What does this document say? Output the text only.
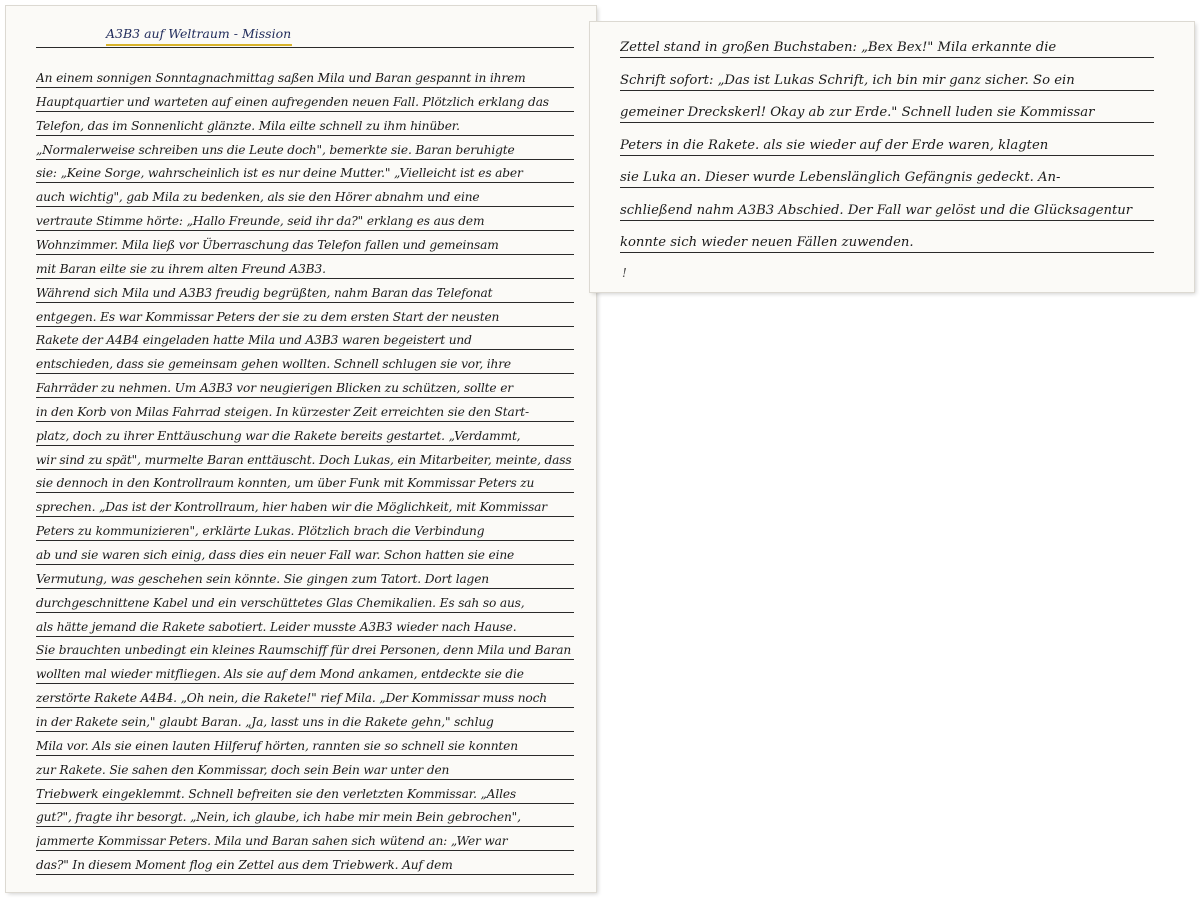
A3B3 auf Weltraum - Mission
An einem sonnigen Sonntagnachmittag saßen Mila und Baran gespannt in ihrem
Hauptquartier und warteten auf einen aufregenden neuen Fall. Plötzlich erklang das
Telefon, das im Sonnenlicht glänzte. Mila eilte schnell zu ihm hinüber.
„Normalerweise schreiben uns die Leute doch", bemerkte sie. Baran beruhigte
sie: „Keine Sorge, wahrscheinlich ist es nur deine Mutter." „Vielleicht ist es aber
auch wichtig", gab Mila zu bedenken, als sie den Hörer abnahm und eine
vertraute Stimme hörte: „Hallo Freunde, seid ihr da?" erklang es aus dem
Wohnzimmer. Mila ließ vor Überraschung das Telefon fallen und gemeinsam
mit Baran eilte sie zu ihrem alten Freund A3B3.
Während sich Mila und A3B3 freudig begrüßten, nahm Baran das Telefonat
entgegen. Es war Kommissar Peters der sie zu dem ersten Start der neusten
Rakete der A4B4 eingeladen hatte Mila und A3B3 waren begeistert und
entschieden, dass sie gemeinsam gehen wollten. Schnell schlugen sie vor, ihre
Fahrräder zu nehmen. Um A3B3 vor neugierigen Blicken zu schützen, sollte er
in den Korb von Milas Fahrrad steigen. In kürzester Zeit erreichten sie den Start-
platz, doch zu ihrer Enttäuschung war die Rakete bereits gestartet. „Verdammt,
wir sind zu spät", murmelte Baran enttäuscht. Doch Lukas, ein Mitarbeiter, meinte, dass
sie dennoch in den Kontrollraum konnten, um über Funk mit Kommissar Peters zu
sprechen. „Das ist der Kontrollraum, hier haben wir die Möglichkeit, mit Kommissar
Peters zu kommunizieren", erklärte Lukas. Plötzlich brach die Verbindung
ab und sie waren sich einig, dass dies ein neuer Fall war. Schon hatten sie eine
Vermutung, was geschehen sein könnte. Sie gingen zum Tatort. Dort lagen
durchgeschnittene Kabel und ein verschüttetes Glas Chemikalien. Es sah so aus,
als hätte jemand die Rakete sabotiert. Leider musste A3B3 wieder nach Hause.
Sie brauchten unbedingt ein kleines Raumschiff für drei Personen, denn Mila und Baran
wollten mal wieder mitfliegen. Als sie auf dem Mond ankamen, entdeckte sie die
zerstörte Rakete A4B4. „Oh nein, die Rakete!" rief Mila. „Der Kommissar muss noch
in der Rakete sein," glaubt Baran. „Ja, lasst uns in die Rakete gehn," schlug
Mila vor. Als sie einen lauten Hilferuf hörten, rannten sie so schnell sie konnten
zur Rakete. Sie sahen den Kommissar, doch sein Bein war unter den
Triebwerk eingeklemmt. Schnell befreiten sie den verletzten Kommissar. „Alles
gut?", fragte ihr besorgt. „Nein, ich glaube, ich habe mir mein Bein gebrochen",
jammerte Kommissar Peters. Mila und Baran sahen sich wütend an: „Wer war
das?" In diesem Moment flog ein Zettel aus dem Triebwerk. Auf dem
Zettel stand in großen Buchstaben: „Bex Bex!" Mila erkannte die
Schrift sofort: „Das ist Lukas Schrift, ich bin mir ganz sicher. So ein
gemeiner Dreckskerl! Okay ab zur Erde." Schnell luden sie Kommissar
Peters in die Rakete. als sie wieder auf der Erde waren, klagten
sie Luka an. Dieser wurde Lebenslänglich Gefängnis gedeckt. An-
schließend nahm A3B3 Abschied. Der Fall war gelöst und die Glücksagentur
konnte sich wieder neuen Fällen zuwenden.
!
